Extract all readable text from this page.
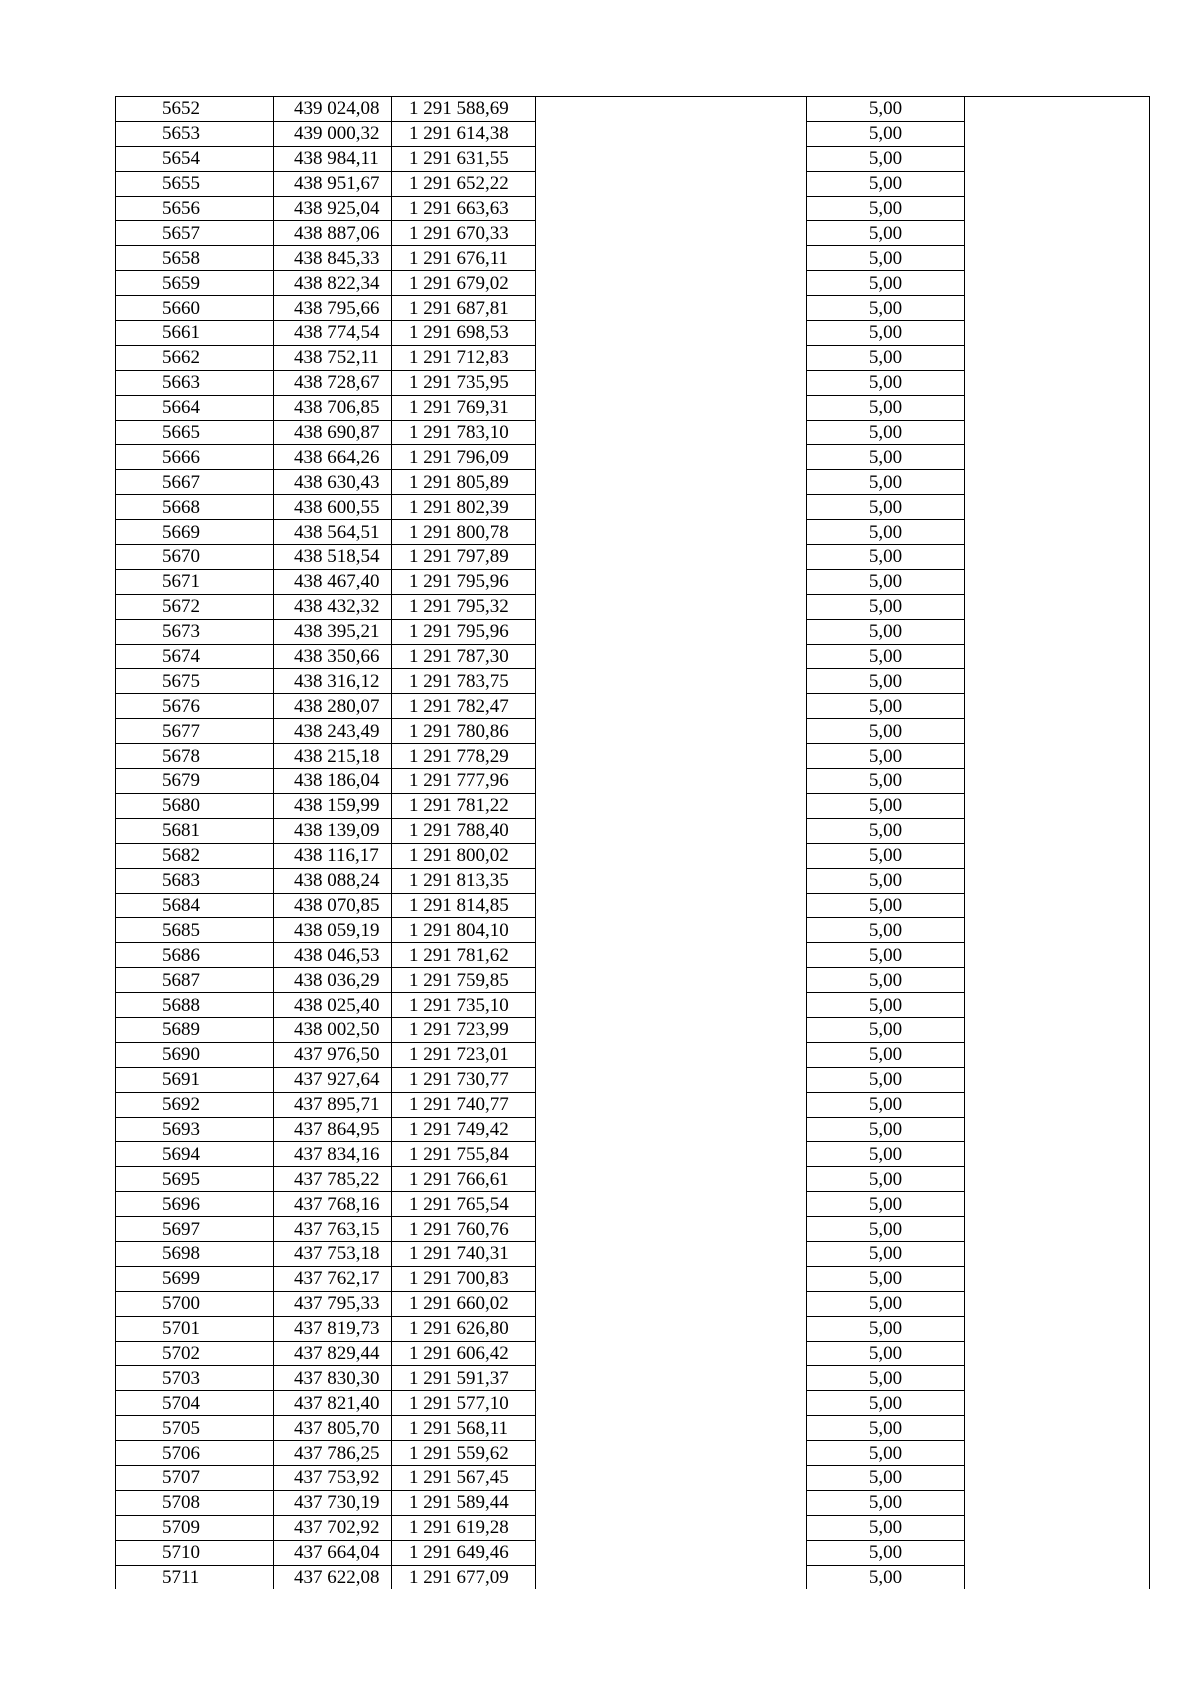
5652	439 024,08	1 291 588,69		5,00	
5653	439 000,32	1 291 614,38		5,00	
5654	438 984,11	1 291 631,55		5,00	
5655	438 951,67	1 291 652,22		5,00	
5656	438 925,04	1 291 663,63		5,00	
5657	438 887,06	1 291 670,33		5,00	
5658	438 845,33	1 291 676,11		5,00	
5659	438 822,34	1 291 679,02		5,00	
5660	438 795,66	1 291 687,81		5,00	
5661	438 774,54	1 291 698,53		5,00	
5662	438 752,11	1 291 712,83		5,00	
5663	438 728,67	1 291 735,95		5,00	
5664	438 706,85	1 291 769,31		5,00	
5665	438 690,87	1 291 783,10		5,00	
5666	438 664,26	1 291 796,09		5,00	
5667	438 630,43	1 291 805,89		5,00	
5668	438 600,55	1 291 802,39		5,00	
5669	438 564,51	1 291 800,78		5,00	
5670	438 518,54	1 291 797,89		5,00	
5671	438 467,40	1 291 795,96		5,00	
5672	438 432,32	1 291 795,32		5,00	
5673	438 395,21	1 291 795,96		5,00	
5674	438 350,66	1 291 787,30		5,00	
5675	438 316,12	1 291 783,75		5,00	
5676	438 280,07	1 291 782,47		5,00	
5677	438 243,49	1 291 780,86		5,00	
5678	438 215,18	1 291 778,29		5,00	
5679	438 186,04	1 291 777,96		5,00	
5680	438 159,99	1 291 781,22		5,00	
5681	438 139,09	1 291 788,40		5,00	
5682	438 116,17	1 291 800,02		5,00	
5683	438 088,24	1 291 813,35		5,00	
5684	438 070,85	1 291 814,85		5,00	
5685	438 059,19	1 291 804,10		5,00	
5686	438 046,53	1 291 781,62		5,00	
5687	438 036,29	1 291 759,85		5,00	
5688	438 025,40	1 291 735,10		5,00	
5689	438 002,50	1 291 723,99		5,00	
5690	437 976,50	1 291 723,01		5,00	
5691	437 927,64	1 291 730,77		5,00	
5692	437 895,71	1 291 740,77		5,00	
5693	437 864,95	1 291 749,42		5,00	
5694	437 834,16	1 291 755,84		5,00	
5695	437 785,22	1 291 766,61		5,00	
5696	437 768,16	1 291 765,54		5,00	
5697	437 763,15	1 291 760,76		5,00	
5698	437 753,18	1 291 740,31		5,00	
5699	437 762,17	1 291 700,83		5,00	
5700	437 795,33	1 291 660,02		5,00	
5701	437 819,73	1 291 626,80		5,00	
5702	437 829,44	1 291 606,42		5,00	
5703	437 830,30	1 291 591,37		5,00	
5704	437 821,40	1 291 577,10		5,00	
5705	437 805,70	1 291 568,11		5,00	
5706	437 786,25	1 291 559,62		5,00	
5707	437 753,92	1 291 567,45		5,00	
5708	437 730,19	1 291 589,44		5,00	
5709	437 702,92	1 291 619,28		5,00	
5710	437 664,04	1 291 649,46		5,00	
5711	437 622,08	1 291 677,09		5,00	
